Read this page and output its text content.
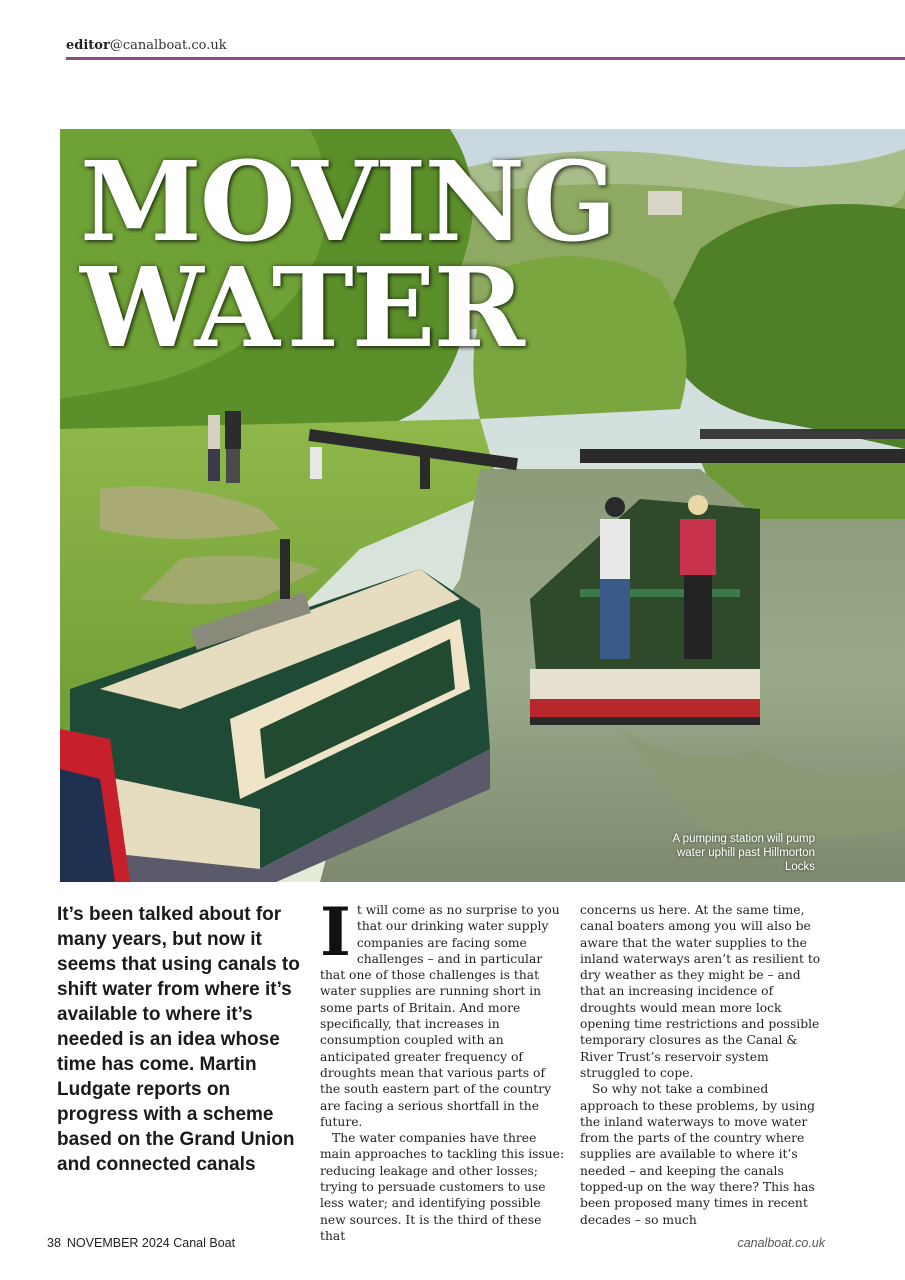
editor@canalboat.co.uk
MOVING
WATER
A pumping station will pump water uphill past Hillmorton Locks

It’s been talked about for many years, but now it seems that using canals to shift water from where it’s available to where it’s needed is an idea whose time has come. Martin Ludgate reports on progress with a scheme based on the Grand Union and connected canals

It will come as no surprise to you that our drinking water supply companies are facing some challenges – and in particular that one of those challenges is that water supplies are running short in some parts of Britain. And more specifically, that increases in consumption coupled with an anticipated greater frequency of droughts mean that various parts of the south eastern part of the country are facing a serious shortfall in the future.

The water companies have three main approaches to tackling this issue: reducing leakage and other losses; trying to persuade customers to use less water; and identifying possible new sources. It is the third of these that

concerns us here. At the same time, canal boaters among you will also be aware that the water supplies to the inland waterways aren’t as resilient to dry weather as they might be – and that an increasing incidence of droughts would mean more lock opening time restrictions and possible temporary closures as the Canal & River Trust’s reservoir system struggled to cope.

So why not take a combined approach to these problems, by using the inland waterways to move water from the parts of the country where supplies are available to where it’s needed – and keeping the canals topped-up on the way there? This has been proposed many times in recent decades – so much

38 NOVEMBER 2024 Canal Boat	canalboat.co.uk
